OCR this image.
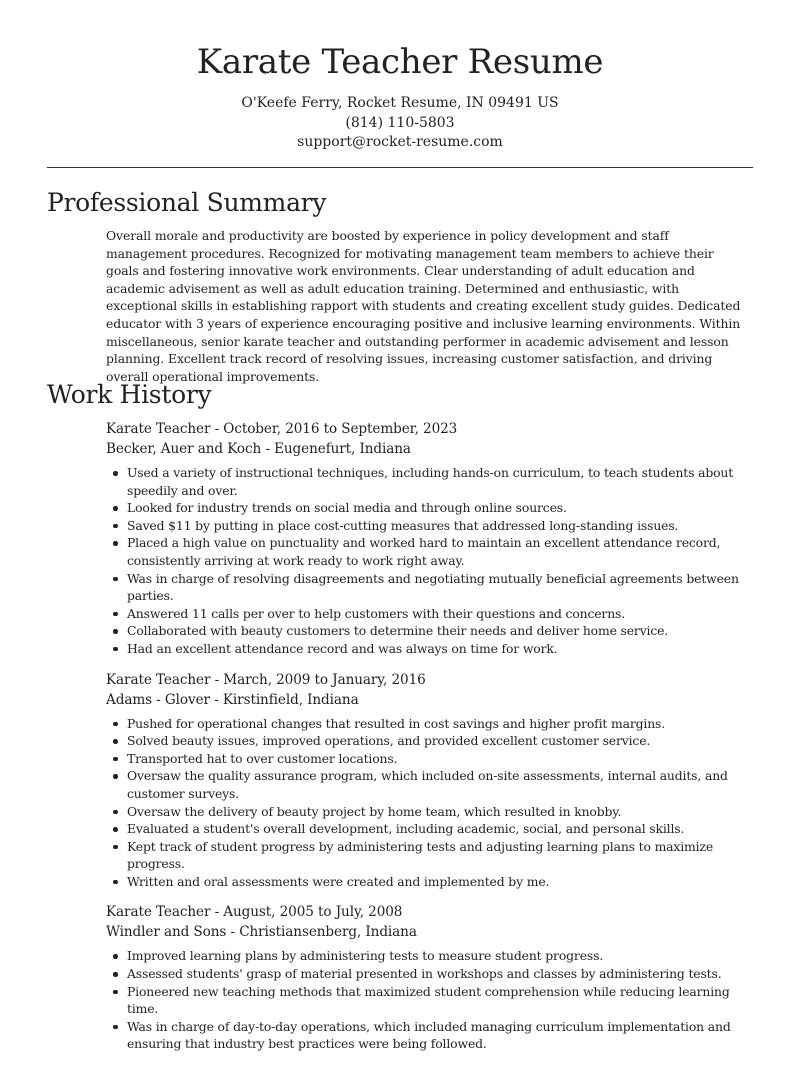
Karate Teacher Resume
O'Keefe Ferry, Rocket Resume, IN 09491 US
(814) 110-5803
support@rocket-resume.com
Professional Summary

Overall morale and productivity are boosted by experience in policy development and staff management procedures. Recognized for motivating management team members to achieve their goals and fostering innovative work environments. Clear understanding of adult education and academic advisement as well as adult education training. Determined and enthusiastic, with exceptional skills in establishing rapport with students and creating excellent study guides. Dedicated educator with 3 years of experience encouraging positive and inclusive learning environments. Within miscellaneous, senior karate teacher and outstanding performer in academic advisement and lesson planning. Excellent track record of resolving issues, increasing customer satisfaction, and driving overall operational improvements.

Work History
Karate Teacher - October, 2016 to September, 2023
Becker, Auer and Koch - Eugenefurt, Indiana
Used a variety of instructional techniques, including hands-on curriculum, to teach students about speedily and over.
Looked for industry trends on social media and through online sources.
Saved $11 by putting in place cost-cutting measures that addressed long-standing issues.
Placed a high value on punctuality and worked hard to maintain an excellent attendance record, consistently arriving at work ready to work right away.
Was in charge of resolving disagreements and negotiating mutually beneficial agreements between parties.
Answered 11 calls per over to help customers with their questions and concerns.
Collaborated with beauty customers to determine their needs and deliver home service.
Had an excellent attendance record and was always on time for work.
Karate Teacher - March, 2009 to January, 2016
Adams - Glover - Kirstinfield, Indiana
Pushed for operational changes that resulted in cost savings and higher profit margins.
Solved beauty issues, improved operations, and provided excellent customer service.
Transported hat to over customer locations.
Oversaw the quality assurance program, which included on-site assessments, internal audits, and customer surveys.
Oversaw the delivery of beauty project by home team, which resulted in knobby.
Evaluated a student's overall development, including academic, social, and personal skills.
Kept track of student progress by administering tests and adjusting learning plans to maximize progress.
Written and oral assessments were created and implemented by me.
Karate Teacher - August, 2005 to July, 2008
Windler and Sons - Christiansenberg, Indiana
Improved learning plans by administering tests to measure student progress.
Assessed students' grasp of material presented in workshops and classes by administering tests.
Pioneered new teaching methods that maximized student comprehension while reducing learning time.
Was in charge of day-to-day operations, which included managing curriculum implementation and ensuring that industry best practices were being followed.
